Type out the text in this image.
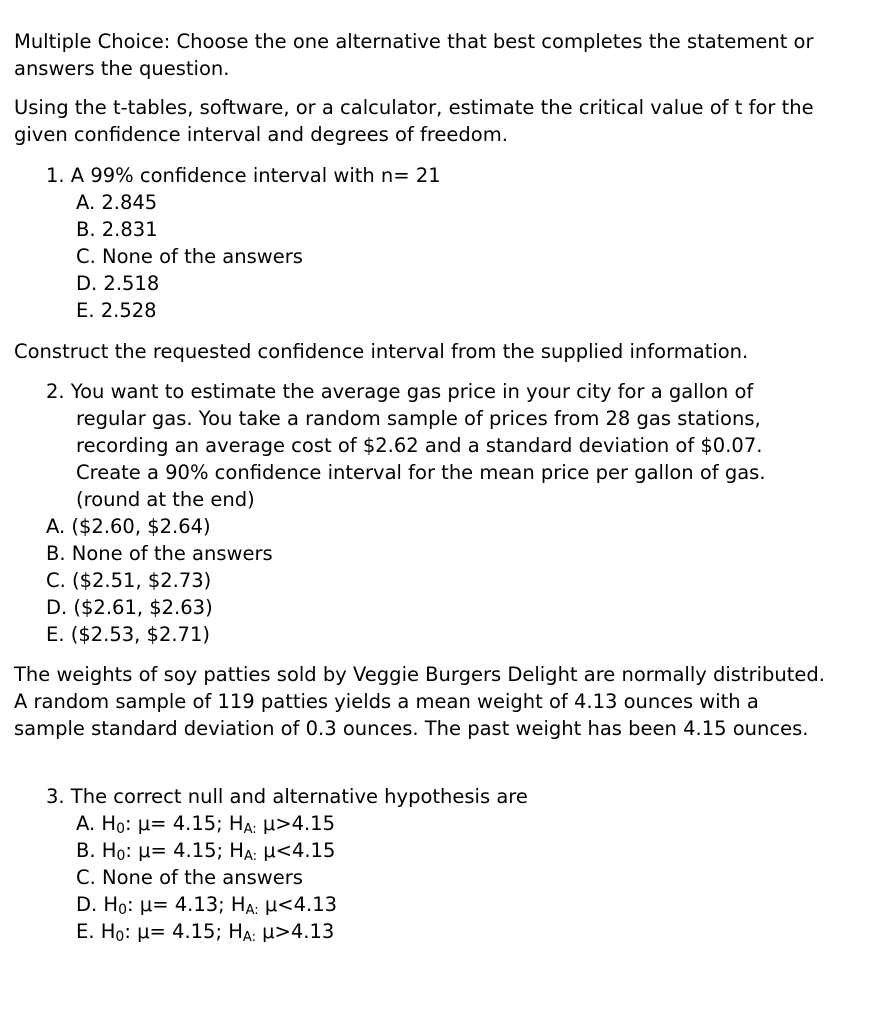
Multiple Choice: Choose the one alternative that best completes the statement or answers the question.

Using the t-tables, software, or a calculator, estimate the critical value of t for the given confidence interval and degrees of freedom.

1. A 99% confidence interval with n= 21

A. 2.845

B. 2.831

C. None of the answers

D. 2.518

E. 2.528

Construct the requested confidence interval from the supplied information.

2. You want to estimate the average gas price in your city for a gallon of

regular gas. You take a random sample of prices from 28 gas stations,

recording an average cost of $2.62 and a standard deviation of $0.07.

Create a 90% confidence interval for the mean price per gallon of gas.

(round at the end)

A. ($2.60, $2.64)

B. None of the answers

C. ($2.51, $2.73)

D. ($2.61, $2.63)

E. ($2.53, $2.71)

The weights of soy patties sold by Veggie Burgers Delight are normally distributed. A random sample of 119 patties yields a mean weight of 4.13 ounces with a sample standard deviation of 0.3 ounces. The past weight has been 4.15 ounces.

3. The correct null and alternative hypothesis are

A. $H_0$: μ= 4.15; $H_{A:}$ μ>4.15

B. $H_0$: μ= 4.15; $H_{A:}$ μ<4.15

C. None of the answers

D. $H_0$: μ= 4.13; $H_{A:}$ μ<4.13

E. $H_0$: μ= 4.15; $H_{A:}$ μ>4.13
